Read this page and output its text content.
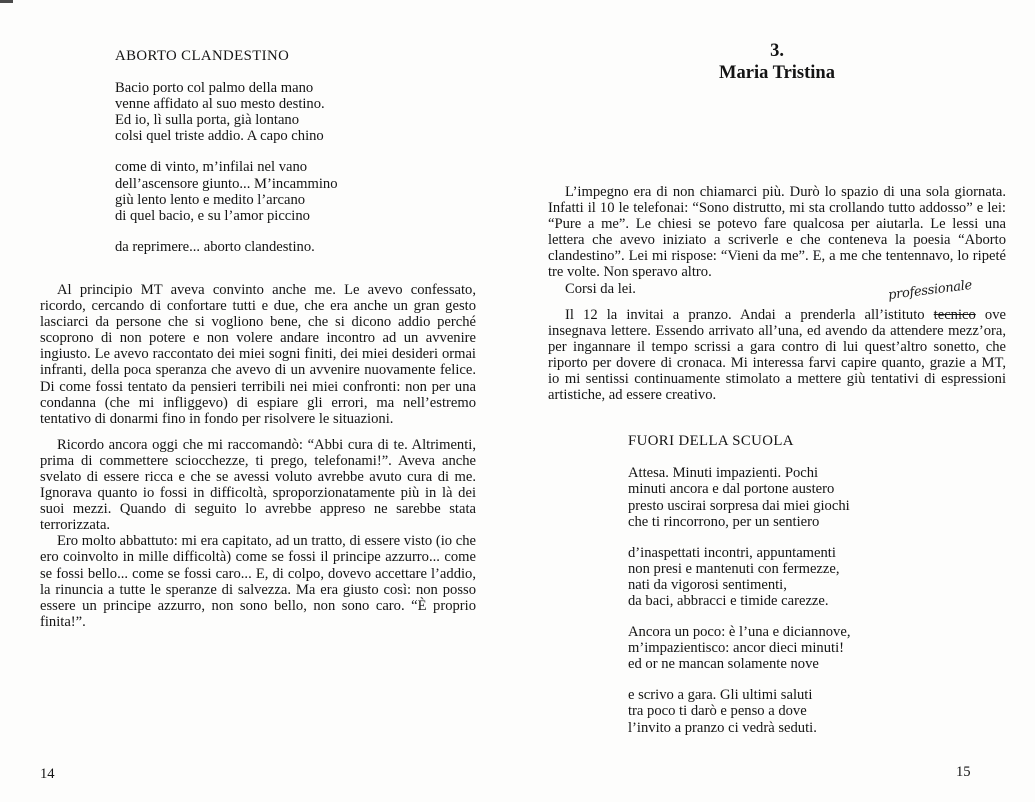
ABORTO CLANDESTINO
Bacio porto col palmo della mano
venne affidato al suo mesto destino.
Ed io, lì sulla porta, già lontano
colsi quel triste addio. A capo chino
come di vinto, m’infilai nel vano
dell’ascensore giunto... M’incammino
giù lento lento e medito l’arcano
di quel bacio, e su l’amor piccino
da reprimere... aborto clandestino.

Al principio MT aveva convinto anche me. Le avevo confessato, ricordo, cercando di confortare tutti e due, che era anche un gran gesto lasciarci da persone che si vogliono bene, che si dicono addio perché scoprono di non potere e non volere andare incontro ad un avvenire ingiusto. Le avevo raccontato dei miei sogni finiti, dei miei desideri ormai infranti, della poca speranza che avevo di un avvenire nuovamente felice. Di come fossi tentato da pensieri terribili nei miei confronti: non per una condanna (che mi infliggevo) di espiare gli errori, ma nell’estremo tentativo di donarmi fino in fondo per risolvere le situazioni.

Ricordo ancora oggi che mi raccomandò: “Abbi cura di te. Altrimenti, prima di commettere sciocchezze, ti prego, telefonami!”. Aveva anche svelato di essere ricca e che se avessi voluto avrebbe avuto cura di me. Ignorava quanto io fossi in difficoltà, sproporzionatamente più in là dei suoi mezzi. Quando di seguito lo avrebbe appreso ne sarebbe stata terrorizzata.

Ero molto abbattuto: mi era capitato, ad un tratto, di essere visto (io che ero coinvolto in mille difficoltà) come se fossi il principe azzurro... come se fossi bello... come se fossi caro... E, di colpo, dovevo accettare l’addio, la rinuncia a tutte le speranze di salvezza. Ma era giusto così: non posso essere un principe azzurro, non sono bello, non sono caro. “È proprio finita!”.

3.
Maria Tristina

L’impegno era di non chiamarci più. Durò lo spazio di una sola giornata. Infatti il 10 le telefonai: “Sono distrutto, mi sta crollando tutto addosso” e lei: “Pure a me”. Le chiesi se potevo fare qualcosa per aiutarla. Le lessi una lettera che avevo iniziato a scriverle e che conteneva la poesia “Aborto clandestino”. Lei mi rispose: “Vieni da me”. E, a me che tentennavo, lo ripeté tre volte. Non speravo altro.

Corsi da lei.	professionale

Il 12 la invitai a pranzo. Andai a prenderla all’istituto tecnico ove insegnava lettere. Essendo arrivato all’una, ed avendo da attendere mezz’ora, per ingannare il tempo scrissi a gara contro di lui quest’altro sonetto, che riporto per dovere di cronaca. Mi interessa farvi capire quanto, grazie a MT, io mi sentissi continuamente stimolato a mettere giù tentativi di espressioni artistiche, ad essere creativo.

FUORI DELLA SCUOLA
Attesa. Minuti impazienti. Pochi
minuti ancora e dal portone austero
presto uscirai sorpresa dai miei giochi
che ti rincorrono, per un sentiero
d’inaspettati incontri, appuntamenti
non presi e mantenuti con fermezze,
nati da vigorosi sentimenti,
da baci, abbracci e timide carezze.
Ancora un poco: è l’una e diciannove,
m’impazientisco: ancor dieci minuti!
ed or ne mancan solamente nove
e scrivo a gara. Gli ultimi saluti
tra poco ti darò e penso a dove
l’invito a pranzo ci vedrà seduti.
14	15
